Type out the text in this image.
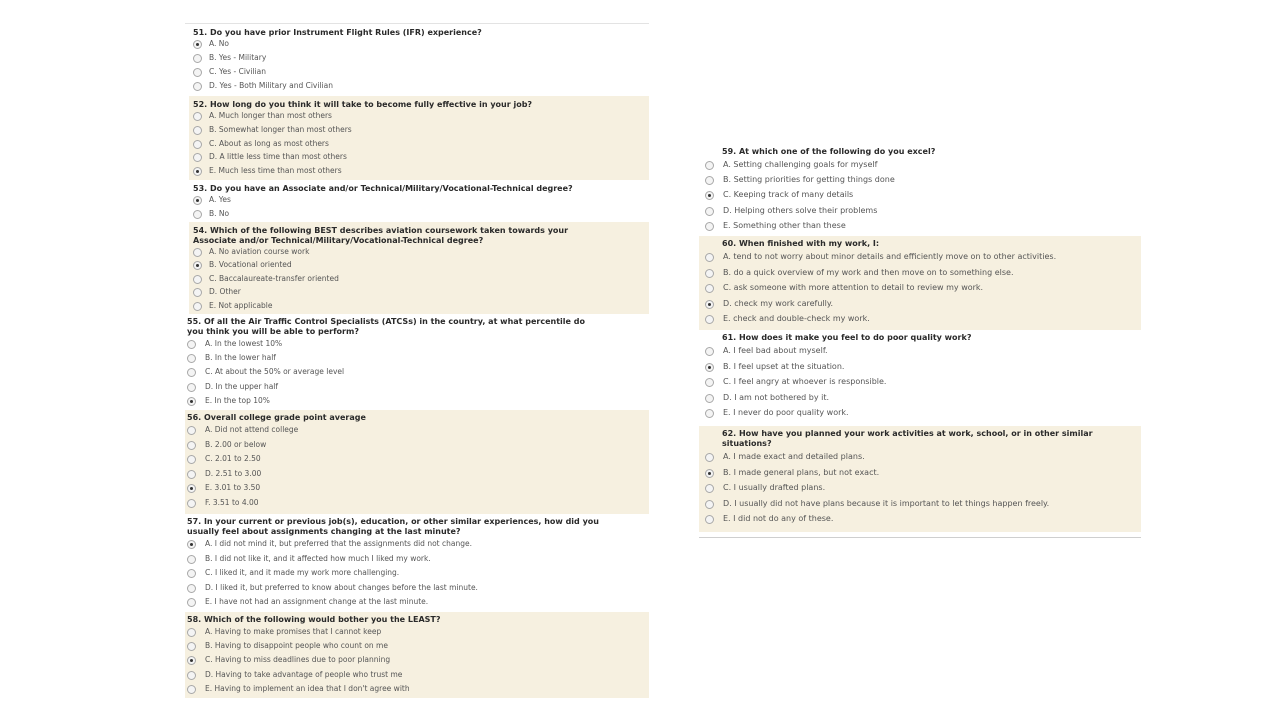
51. Do you have prior Instrument Flight Rules (IFR) experience?
A. No
B. Yes - Military
C. Yes - Civilian
D. Yes - Both Military and Civilian
52. How long do you think it will take to become fully effective in your job?
A. Much longer than most others
B. Somewhat longer than most others
C. About as long as most others
D. A little less time than most others
E. Much less time than most others
53. Do you have an Associate and/or Technical/Military/Vocational-Technical degree?
A. Yes
B. No
54. Which of the following BEST describes aviation coursework taken towards your
Associate and/or Technical/Military/Vocational-Technical degree?
A. No aviation course work
B. Vocational oriented
C. Baccalaureate-transfer oriented
D. Other
E. Not applicable
55. Of all the Air Traffic Control Specialists (ATCSs) in the country, at what percentile do
you think you will be able to perform?
A. In the lowest 10%
B. In the lower half
C. At about the 50% or average level
D. In the upper half
E. In the top 10%
56. Overall college grade point average
A. Did not attend college
B. 2.00 or below
C. 2.01 to 2.50
D. 2.51 to 3.00
E. 3.01 to 3.50
F. 3.51 to 4.00
57. In your current or previous job(s), education, or other similar experiences, how did you
usually feel about assignments changing at the last minute?
A. I did not mind it, but preferred that the assignments did not change.
B. I did not like it, and it affected how much I liked my work.
C. I liked it, and it made my work more challenging.
D. I liked it, but preferred to know about changes before the last minute.
E. I have not had an assignment change at the last minute.
58. Which of the following would bother you the LEAST?
A. Having to make promises that I cannot keep
B. Having to disappoint people who count on me
C. Having to miss deadlines due to poor planning
D. Having to take advantage of people who trust me
E. Having to implement an idea that I don't agree with
59. At which one of the following do you excel?
A. Setting challenging goals for myself
B. Setting priorities for getting things done
C. Keeping track of many details
D. Helping others solve their problems
E. Something other than these
60. When finished with my work, I:
A. tend to not worry about minor details and efficiently move on to other activities.
B. do a quick overview of my work and then move on to something else.
C. ask someone with more attention to detail to review my work.
D. check my work carefully.
E. check and double-check my work.
61. How does it make you feel to do poor quality work?
A. I feel bad about myself.
B. I feel upset at the situation.
C. I feel angry at whoever is responsible.
D. I am not bothered by it.
E. I never do poor quality work.
62. How have you planned your work activities at work, school, or in other similar
situations?
A. I made exact and detailed plans.
B. I made general plans, but not exact.
C. I usually drafted plans.
D. I usually did not have plans because it is important to let things happen freely.
E. I did not do any of these.
